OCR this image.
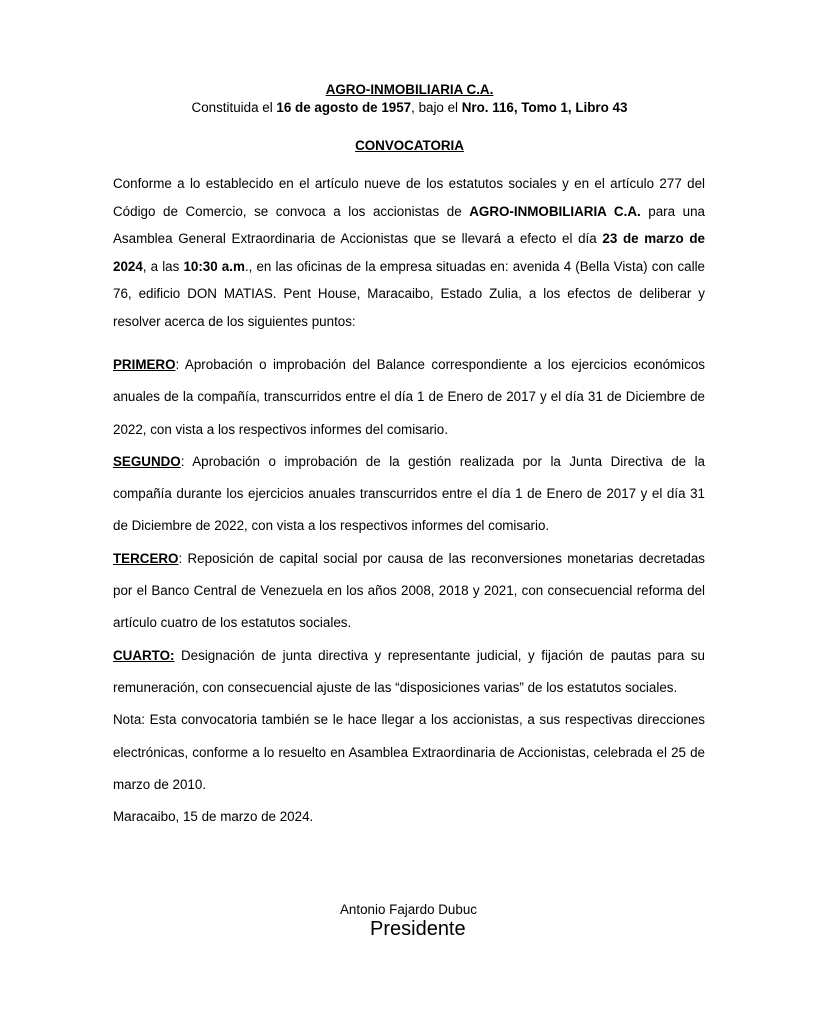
AGRO-INMOBILIARIA C.A.
Constituida el 16 de agosto de 1957, bajo el Nro. 116, Tomo 1, Libro 43
CONVOCATORIA

Conforme a lo establecido en el artículo nueve de los estatutos sociales y en el artículo 277 del Código de Comercio, se convoca a los accionistas de AGRO-INMOBILIARIA C.A. para una Asamblea General Extraordinaria de Accionistas que se llevará a efecto el día 23 de marzo de 2024, a las 10:30 a.m., en las oficinas de la empresa situadas en: avenida 4 (Bella Vista) con calle 76, edificio DON MATIAS. Pent House, Maracaibo, Estado Zulia, a los efectos de deliberar y resolver acerca de los siguientes puntos:

PRIMERO: Aprobación o improbación del Balance correspondiente a los ejercicios económicos anuales de la compañía, transcurridos entre el día 1 de Enero de 2017 y el día 31 de Diciembre de 2022, con vista a los respectivos informes del comisario.

SEGUNDO: Aprobación o improbación de la gestión realizada por la Junta Directiva de la compañía durante los ejercicios anuales transcurridos entre el día 1 de Enero de 2017 y el día 31 de Diciembre de 2022, con vista a los respectivos informes del comisario.

TERCERO: Reposición de capital social por causa de las reconversiones monetarias decretadas por el Banco Central de Venezuela en los años 2008, 2018 y 2021, con consecuencial reforma del artículo cuatro de los estatutos sociales.

CUARTO: Designación de junta directiva y representante judicial, y fijación de pautas para su remuneración, con consecuencial ajuste de las “disposiciones varias” de los estatutos sociales.

Nota: Esta convocatoria también se le hace llegar a los accionistas, a sus respectivas direcciones electrónicas, conforme a lo resuelto en Asamblea Extraordinaria de Accionistas, celebrada el 25 de marzo de 2010.

Maracaibo, 15 de marzo de 2024.

Antonio Fajardo Dubuc
Presidente
